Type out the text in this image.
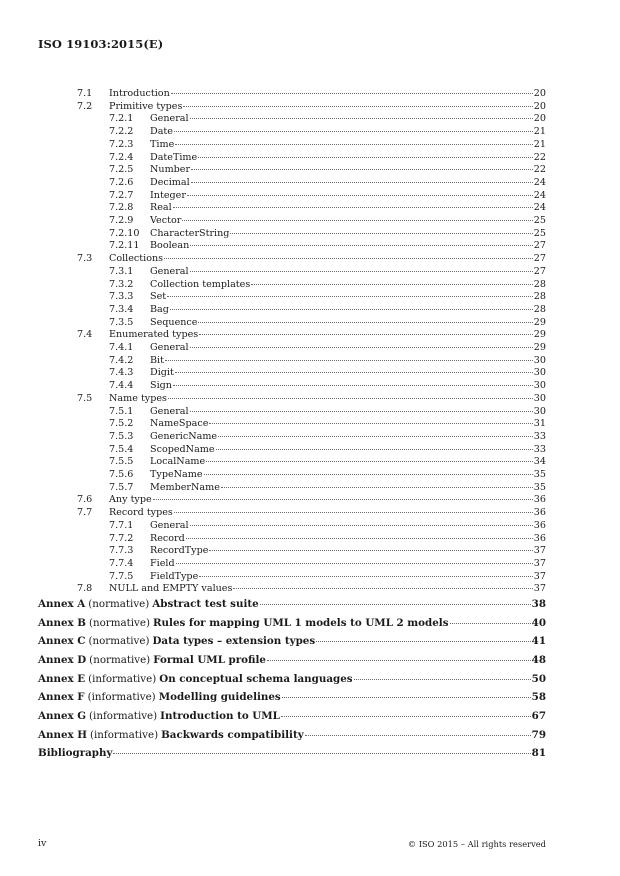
ISO 19103:2015(E)
7.1	Introduction	20
7.2	Primitive types	20
7.2.1	General	20
7.2.2	Date	21
7.2.3	Time	21
7.2.4	DateTime	22
7.2.5	Number	22
7.2.6	Decimal	24
7.2.7	Integer	24
7.2.8	Real	24
7.2.9	Vector	25
7.2.10	CharacterString	25
7.2.11	Boolean	27
7.3	Collections	27
7.3.1	General	27
7.3.2	Collection templates	28
7.3.3	Set	28
7.3.4	Bag	28
7.3.5	Sequence	29
7.4	Enumerated types	29
7.4.1	General	29
7.4.2	Bit	30
7.4.3	Digit	30
7.4.4	Sign	30
7.5	Name types	30
7.5.1	General	30
7.5.2	NameSpace	31
7.5.3	GenericName	33
7.5.4	ScopedName	33
7.5.5	LocalName	34
7.5.6	TypeName	35
7.5.7	MemberName	35
7.6	Any type	36
7.7	Record types	36
7.7.1	General	36
7.7.2	Record	36
7.7.3	RecordType	37
7.7.4	Field	37
7.7.5	FieldType	37
7.8	NULL and EMPTY values	37
Annex A (normative) Abstract test suite	38
Annex B (normative) Rules for mapping UML 1 models to UML 2 models	40
Annex C (normative) Data types – extension types	41
Annex D (normative) Formal UML profile	48
Annex E (informative) On conceptual schema languages	50
Annex F (informative) Modelling guidelines	58
Annex G (informative) Introduction to UML	67
Annex H (informative) Backwards compatibility	79
Bibliography	81
iv	© ISO 2015 – All rights reserved
